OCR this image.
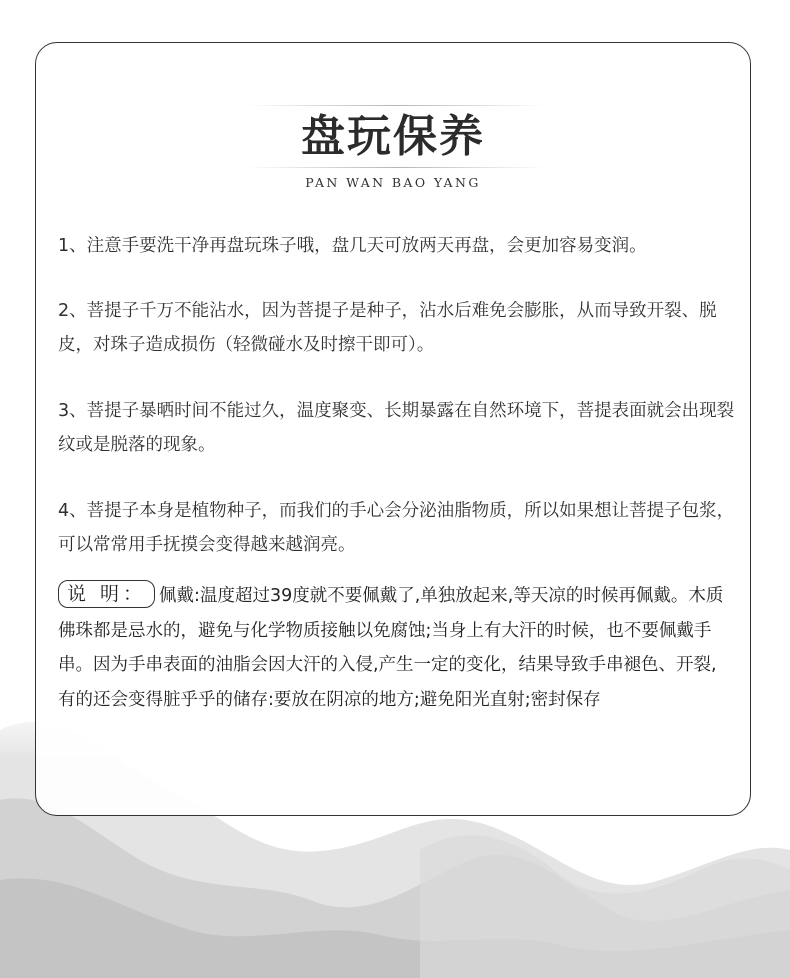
盘玩保养
PAN WAN BAO YANG
1、注意手要洗干净再盘玩珠子哦，盘几天可放两天再盘，会更加容易变润。
2、菩提子千万不能沾水，因为菩提子是种子，沾水后难免会膨胀，从而导致开裂、脱皮，对珠子造成损伤（轻微碰水及时擦干即可）。
3、菩提子暴晒时间不能过久，温度聚变、长期暴露在自然环境下，菩提表面就会出现裂纹或是脱落的现象。
4、菩提子本身是植物种子，而我们的手心会分泌油脂物质，所以如果想让菩提子包浆，可以常常用手抚摸会变得越来越润亮。
说 明： 佩戴:温度超过39度就不要佩戴了,单独放起来,等天凉的时候再佩戴。木质佛珠都是忌水的，避免与化学物质接触以免腐蚀;当身上有大汗的时候，也不要佩戴手串。因为手串表面的油脂会因大汗的入侵,产生一定的变化，结果导致手串褪色、开裂,有的还会变得脏乎乎的储存:要放在阴凉的地方;避免阳光直射;密封保存
